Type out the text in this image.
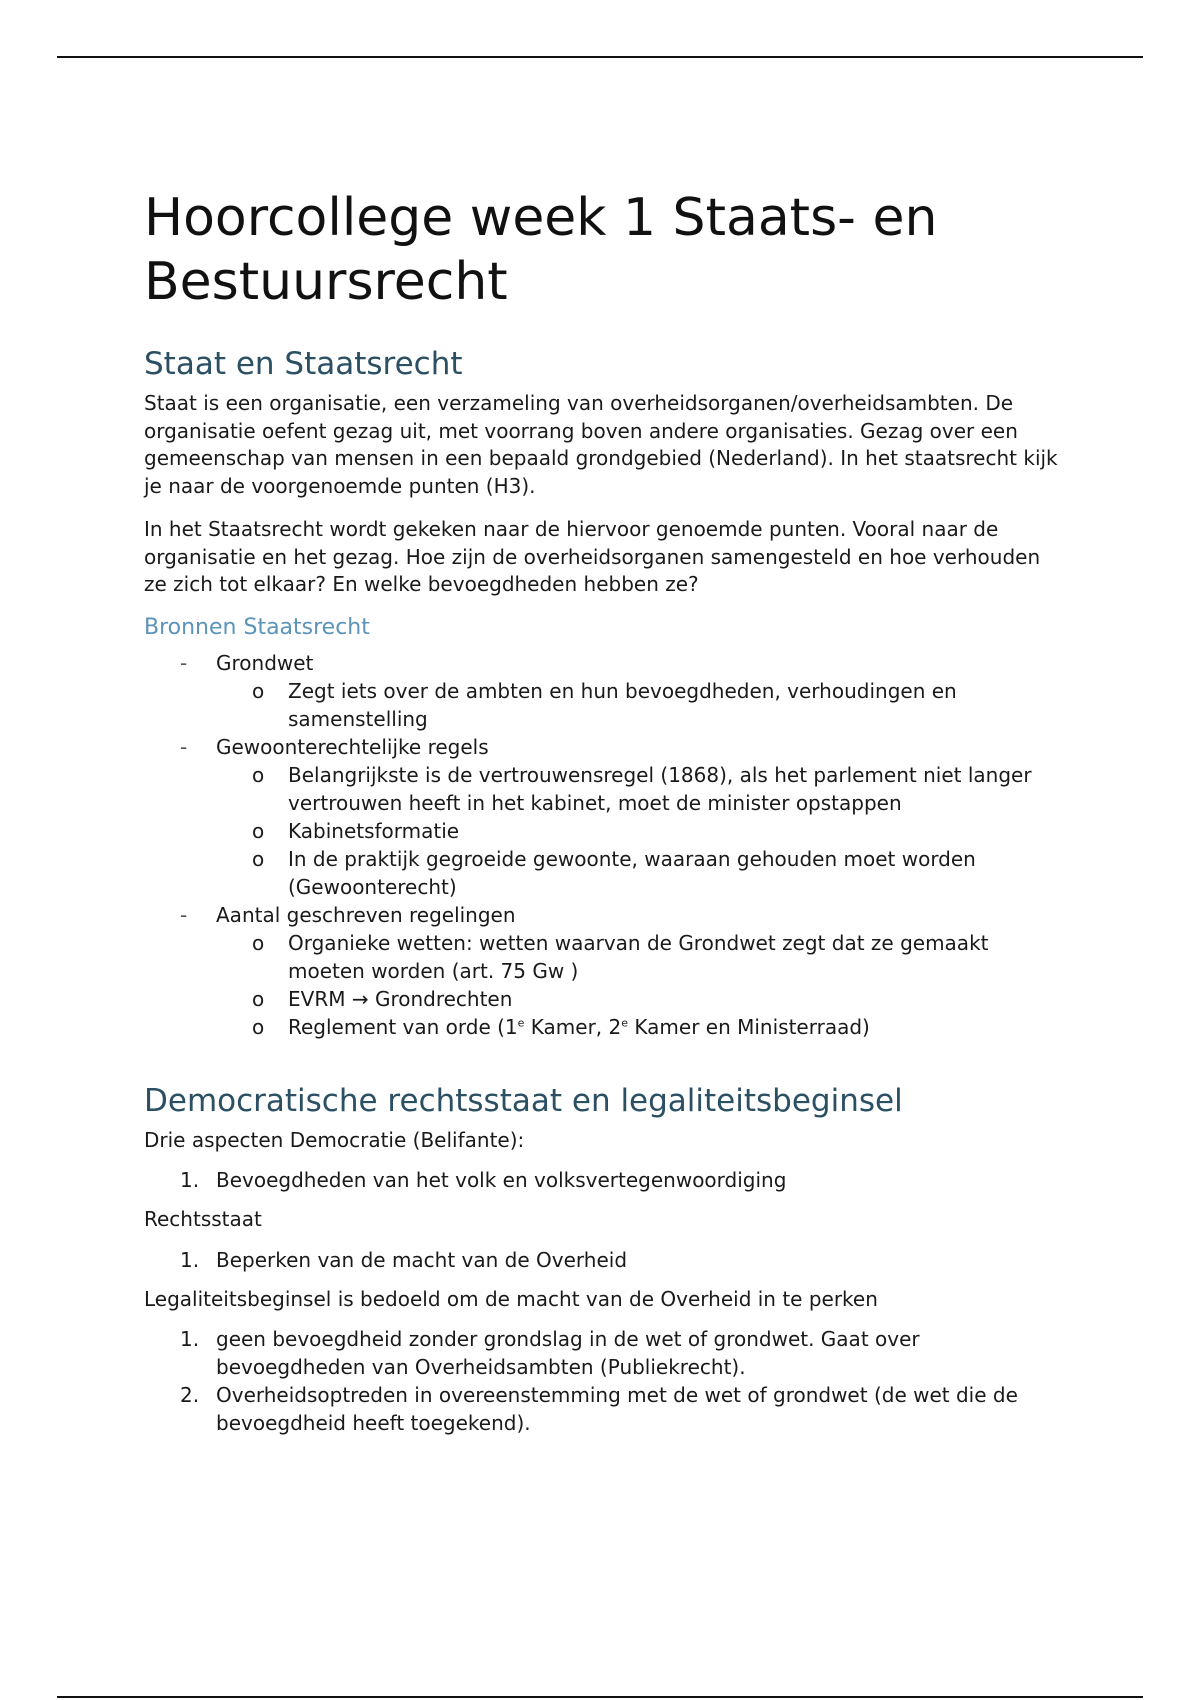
Hoorcollege week 1 Staats- en Bestuursrecht
Staat en Staatsrecht

Staat is een organisatie, een verzameling van overheidsorganen/overheidsambten. De organisatie oefent gezag uit, met voorrang boven andere organisaties. Gezag over een gemeenschap van mensen in een bepaald grondgebied (Nederland). In het staatsrecht kijk je naar de voorgenoemde punten (H3).

In het Staatsrecht wordt gekeken naar de hiervoor genoemde punten. Vooral naar de organisatie en het gezag. Hoe zijn de overheidsorganen samengesteld en hoe verhouden ze zich tot elkaar? En welke bevoegdheden hebben ze?

Bronnen Staatsrecht
- Grondwet
o Zegt iets over de ambten en hun bevoegdheden, verhoudingen en samenstelling
- Gewoonterechtelijke regels
o Belangrijkste is de vertrouwensregel (1868), als het parlement niet langer vertrouwen heeft in het kabinet, moet de minister opstappen
o Kabinetsformatie
o In de praktijk gegroeide gewoonte, waaraan gehouden moet worden (Gewoonterecht)
- Aantal geschreven regelingen
o Organieke wetten: wetten waarvan de Grondwet zegt dat ze gemaakt moeten worden (art. 75 Gw )
o EVRM → Grondrechten
o Reglement van orde (1e Kamer, 2e Kamer en Ministerraad)
Democratische rechtsstaat en legaliteitsbeginsel

Drie aspecten Democratie (Belifante):

1. Bevoegdheden van het volk en volksvertegenwoordiging

Rechtsstaat

1. Beperken van de macht van de Overheid

Legaliteitsbeginsel is bedoeld om de macht van de Overheid in te perken

1. geen bevoegdheid zonder grondslag in de wet of grondwet. Gaat over bevoegdheden van Overheidsambten (Publiekrecht).
2. Overheidsoptreden in overeenstemming met de wet of grondwet (de wet die de bevoegdheid heeft toegekend).
